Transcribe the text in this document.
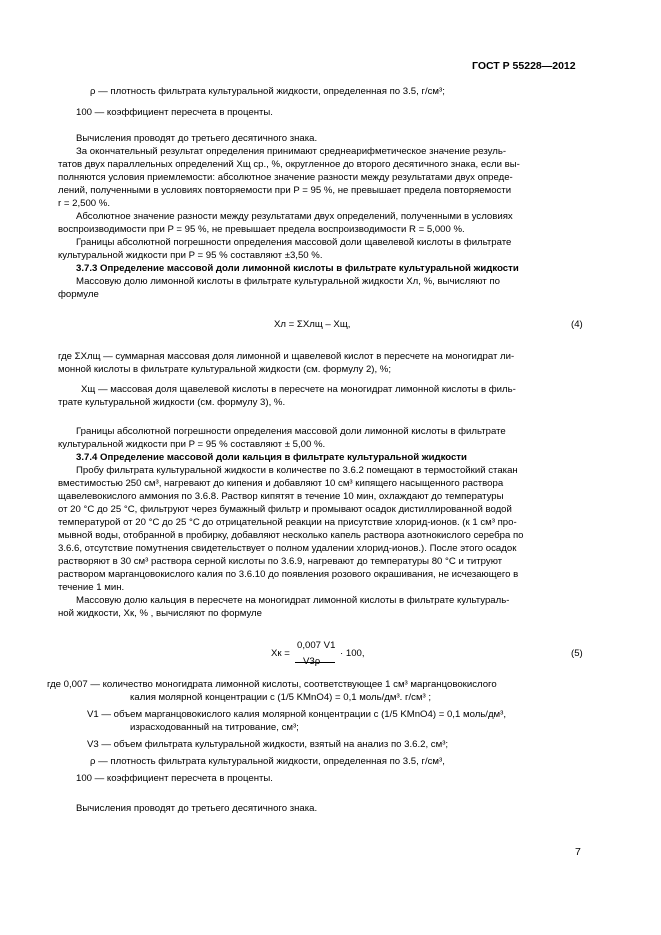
ГОСТ Р 55228—2012
ρ — плотность фильтрата культуральной жидкости, определенная по 3.5, г/см³;
100 — коэффициент пересчета в проценты.
Вычисления проводят до третьего десятичного знака.
За окончательный результат определения принимают среднеарифметическое значение резуль-
татов двух параллельных определений Xщ ср., %, округленное до второго десятичного знака, если вы-
полняются условия приемлемости: абсолютное значение разности между результатами двух опреде-
лений, полученными в условиях повторяемости при P = 95 %, не превышает предела повторяемости
r = 2,500 %.
Абсолютное значение разности между результатами двух определений, полученными в условиях
воспроизводимости при P = 95 %, не превышает предела воспроизводимости R = 5,000 %.
Границы абсолютной погрешности определения массовой доли щавелевой кислоты в фильтрате
культуральной жидкости при P = 95 % составляют ±3,50 %.
3.7.3 Определение массовой доли лимонной кислоты в фильтрате культуральной жидкости
Массовую долю лимонной кислоты в фильтрате культуральной жидкости Xл, %, вычисляют по
формуле
Xл = ΣXлщ – Xщ,	(4)
где ΣXлщ — суммарная массовая доля лимонной и щавелевой кислот в пересчете на моногидрат ли-
монной кислоты в фильтрате культуральной жидкости (см. формулу 2), %;
Xщ — массовая доля щавелевой кислоты в пересчете на моногидрат лимонной кислоты в филь-
трате культуральной жидкости (см. формулу 3), %.
Границы абсолютной погрешности определения массовой доли лимонной кислоты в фильтрате
культуральной жидкости при P = 95 % составляют ± 5,00 %.
3.7.4 Определение массовой доли кальция в фильтрате культуральной жидкости
Пробу фильтрата культуральной жидкости в количестве по 3.6.2 помещают в термостойкий стакан
вместимостью 250 см³, нагревают до кипения и добавляют 10 см³ кипящего насыщенного раствора
щавелевокислого аммония по 3.6.8. Раствор кипятят в течение 10 мин, охлаждают до температуры
от 20 °C до 25 °C, фильтруют через бумажный фильтр и промывают осадок дистиллированной водой
температурой от 20 °C до 25 °C до отрицательной реакции на присутствие хлорид-ионов. (к 1 см³ про-
мывной воды, отобранной в пробирку, добавляют несколько капель раствора азотнокислого серебра по
3.6.6, отсутствие помутнения свидетельствует о полном удалении хлорид-ионов.). После этого осадок
растворяют в 30 см³ раствора серной кислоты по 3.6.9, нагревают до температуры 80 °C и титруют
раствором марганцовокислого калия по 3.6.10 до появления розового окрашивания, не исчезающего в
течение 1 мин.
Массовую долю кальция в пересчете на моногидрат лимонной кислоты в фильтрате культураль-
ной жидкости, Xк, % , вычисляют по формуле
0,007 V1
Xк =	· 100,
V3ρ
(5)
где 0,007 — количество моногидрата лимонной кислоты, соответствующее 1 см³ марганцовокислого
калия молярной концентрации c (1/5 KMnO4) = 0,1 моль/дм³. г/см³ ;
V1 — объем марганцовокислого калия молярной концентрации c (1/5 KMnO4) = 0,1 моль/дм³,
израсходованный на титрование, см³;
V3 — объем фильтрата культуральной жидкости, взятый на анализ по 3.6.2, см³;
ρ — плотность фильтрата культуральной жидкости, определенная по 3.5, г/см³,
100 — коэффициент пересчета в проценты.
Вычисления проводят до третьего десятичного знака.
7
